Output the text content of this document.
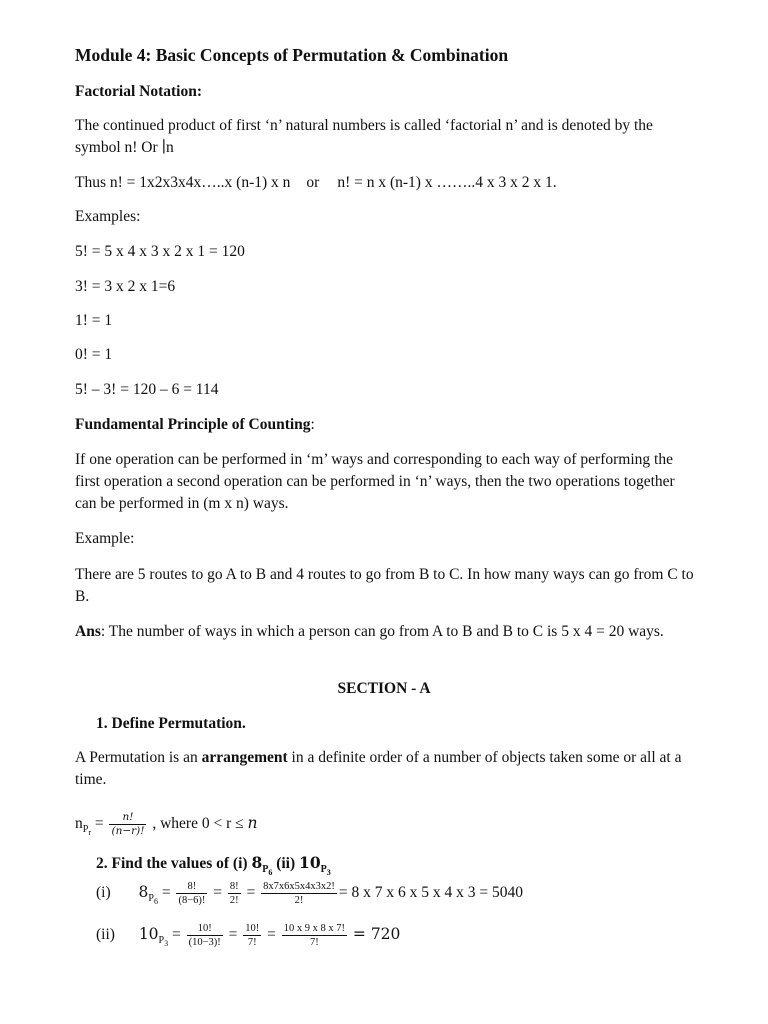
Module 4: Basic Concepts of Permutation & Combination
Factorial Notation:
The continued product of first ‘n’ natural numbers is called ‘factorial n’ and is denoted by the symbol n! Or ∣n
Thus n! = 1x2x3x4x…..x (n-1) x n or n! = n x (n-1) x ……..4 x 3 x 2 x 1.
Examples:
5! = 5 x 4 x 3 x 2 x 1 = 120
3! = 3 x 2 x 1=6
1! = 1
0! = 1
5! – 3! = 120 – 6 = 114
Fundamental Principle of Counting:
If one operation can be performed in ‘m’ ways and corresponding to each way of performing the first operation a second operation can be performed in ‘n’ ways, then the two operations together can be performed in (m x n) ways.
Example:
There are 5 routes to go A to B and 4 routes to go from B to C. In how many ways can go from C to B.
Ans: The number of ways in which a person can go from A to B and B to C is 5 x 4 = 20 ways.
SECTION - A
1. Define Permutation.
A Permutation is an arrangement in a definite order of a number of objects taken some or all at a time.
$n_{P_r} = \frac{n!}{(n-r)!}$ , where 0 < r ≤ n
2. Find the values of (i) $8_{P_6}$ (ii) $10_{P_3}$
(i) $8_{P_6} = \frac{8!}{(8-6)!} = \frac{8!}{2!} = \frac{8x7x6x5x4x3x2!}{2!} = 8$ x 7 x 6 x 5 x 4 x 3 = 5040
(ii) $10_{P_3} = \frac{10!}{(10-3)!} = \frac{10!}{7!} = \frac{10 x 9 x 8 x 7!}{7!} = 720$
